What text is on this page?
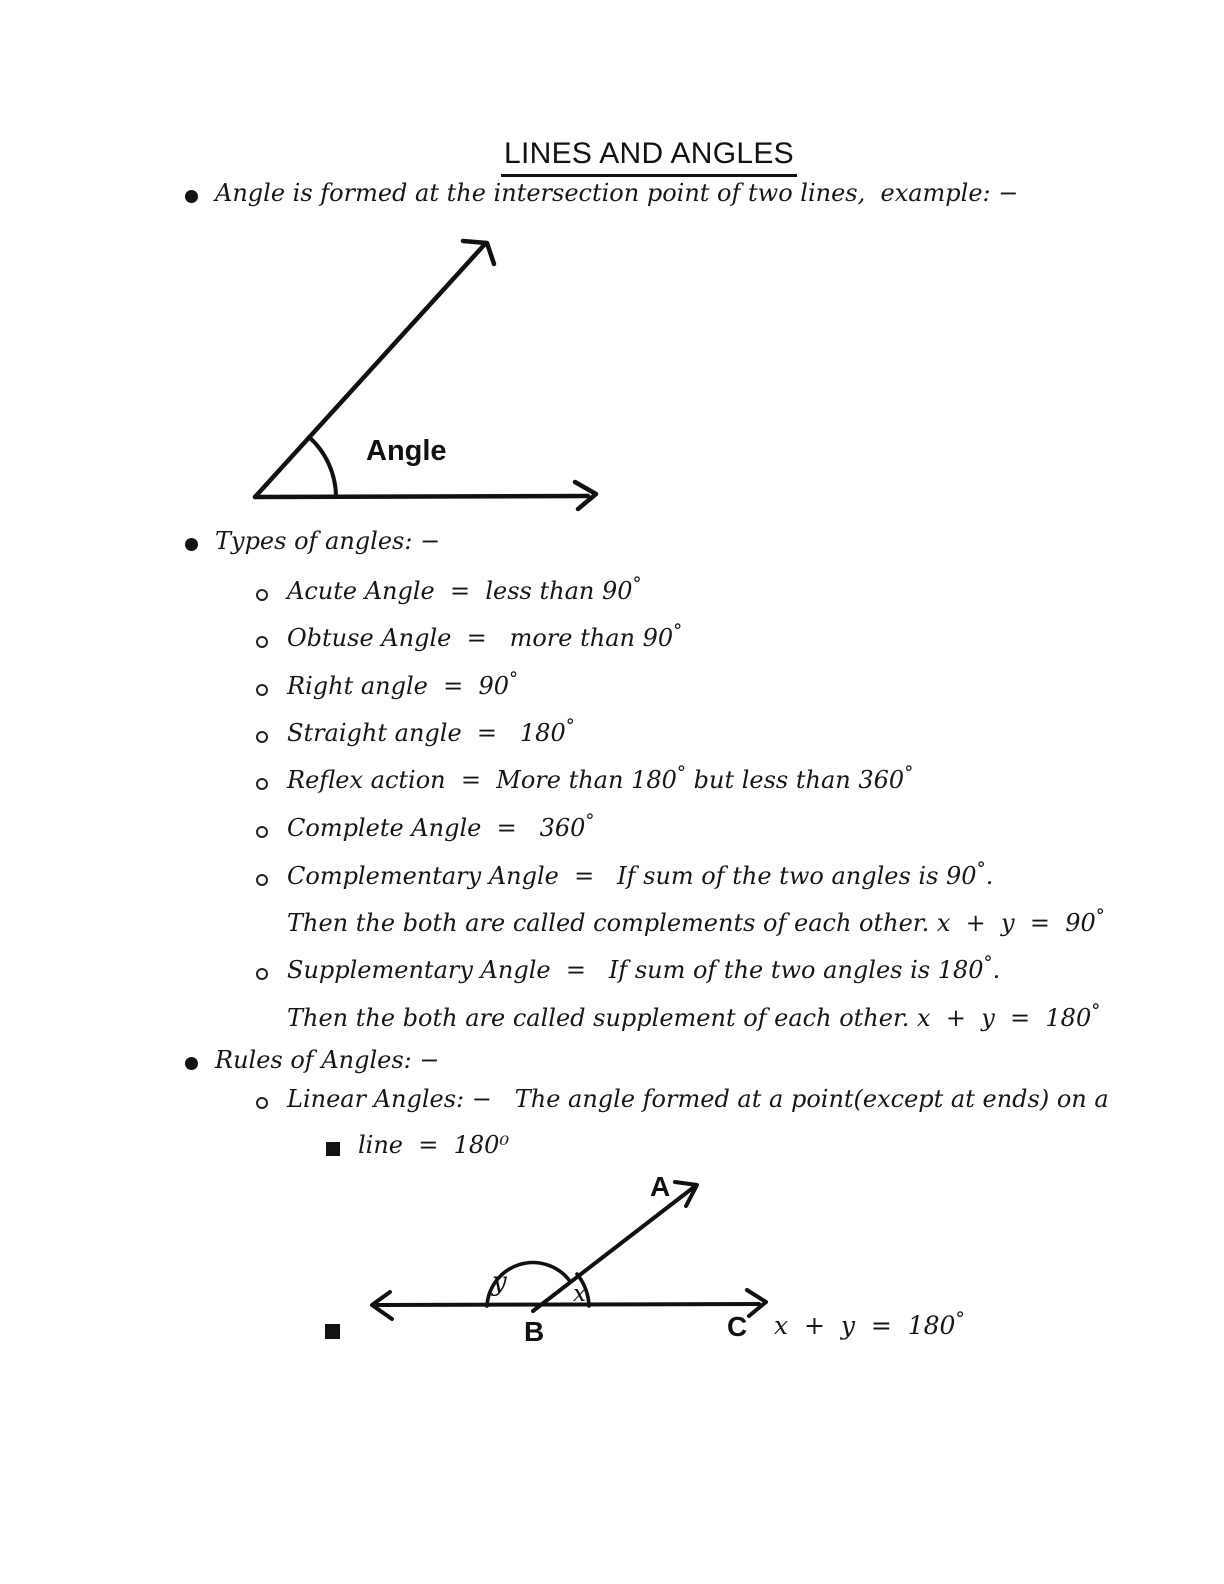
LINES AND ANGLES

Angle is formed at the intersection point of two lines,  example: −

Angle

Types of angles: −

Acute Angle  =  less than 90°

Obtuse Angle  =   more than 90°

Right angle  =  90°

Straight angle  =   180°

Reflex action  =  More than 180° but less than 360°

Complete Angle  =   360°

Complementary Angle  =   If sum of the two angles is 90°.

Then the both are called complements of each other. x  +  y  =  90°

Supplementary Angle  =   If sum of the two angles is 180°.

Then the both are called supplement of each other. x  +  y  =  180°

Rules of Angles: −

Linear Angles: −   The angle formed at a point(except at ends) on a

line  =  180⁰

A
B	C
y	x
x  +  y  =  180°
